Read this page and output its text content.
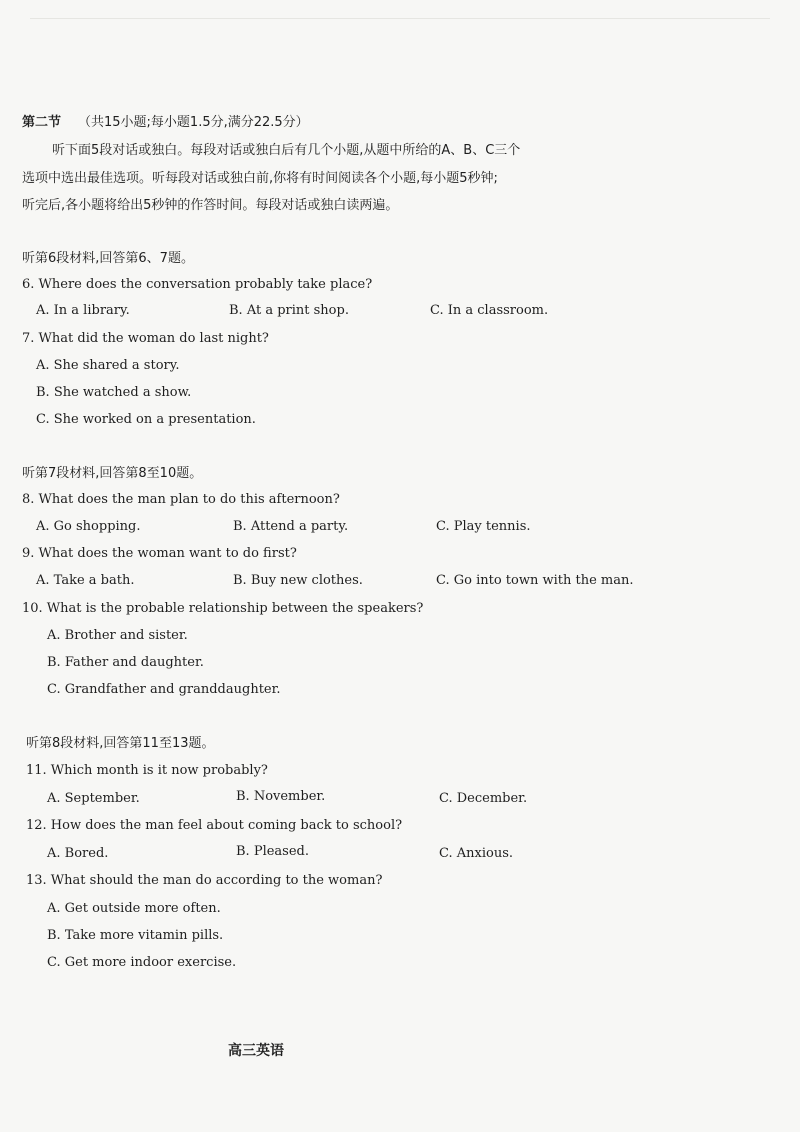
第二节 （共15小题;每小题1.5分,满分22.5分）
听下面5段对话或独白。每段对话或独白后有几个小题,从题中所给的A、B、C三个
选项中选出最佳选项。听每段对话或独白前,你将有时间阅读各个小题,每小题5秒钟;
听完后,各小题将给出5秒钟的作答时间。每段对话或独白读两遍。
听第6段材料,回答第6、7题。
6. Where does the conversation probably take place?
A. In a library.	B. At a print shop.	C. In a classroom.
7. What did the woman do last night?
A. She shared a story.
B. She watched a show.
C. She worked on a presentation.
听第7段材料,回答第8至10题。
8. What does the man plan to do this afternoon?
A. Go shopping.	B. Attend a party.	C. Play tennis.
9. What does the woman want to do first?
A. Take a bath.	B. Buy new clothes.	C. Go into town with the man.
10. What is the probable relationship between the speakers?
A. Brother and sister.
B. Father and daughter.
C. Grandfather and granddaughter.
听第8段材料,回答第11至13题。
11. Which month is it now probably?
A. September.	B. November.	C. December.
12. How does the man feel about coming back to school?
A. Bored.	B. Pleased.	C. Anxious.
13. What should the man do according to the woman?
A. Get outside more often.
B. Take more vitamin pills.
C. Get more indoor exercise.
高三英语
